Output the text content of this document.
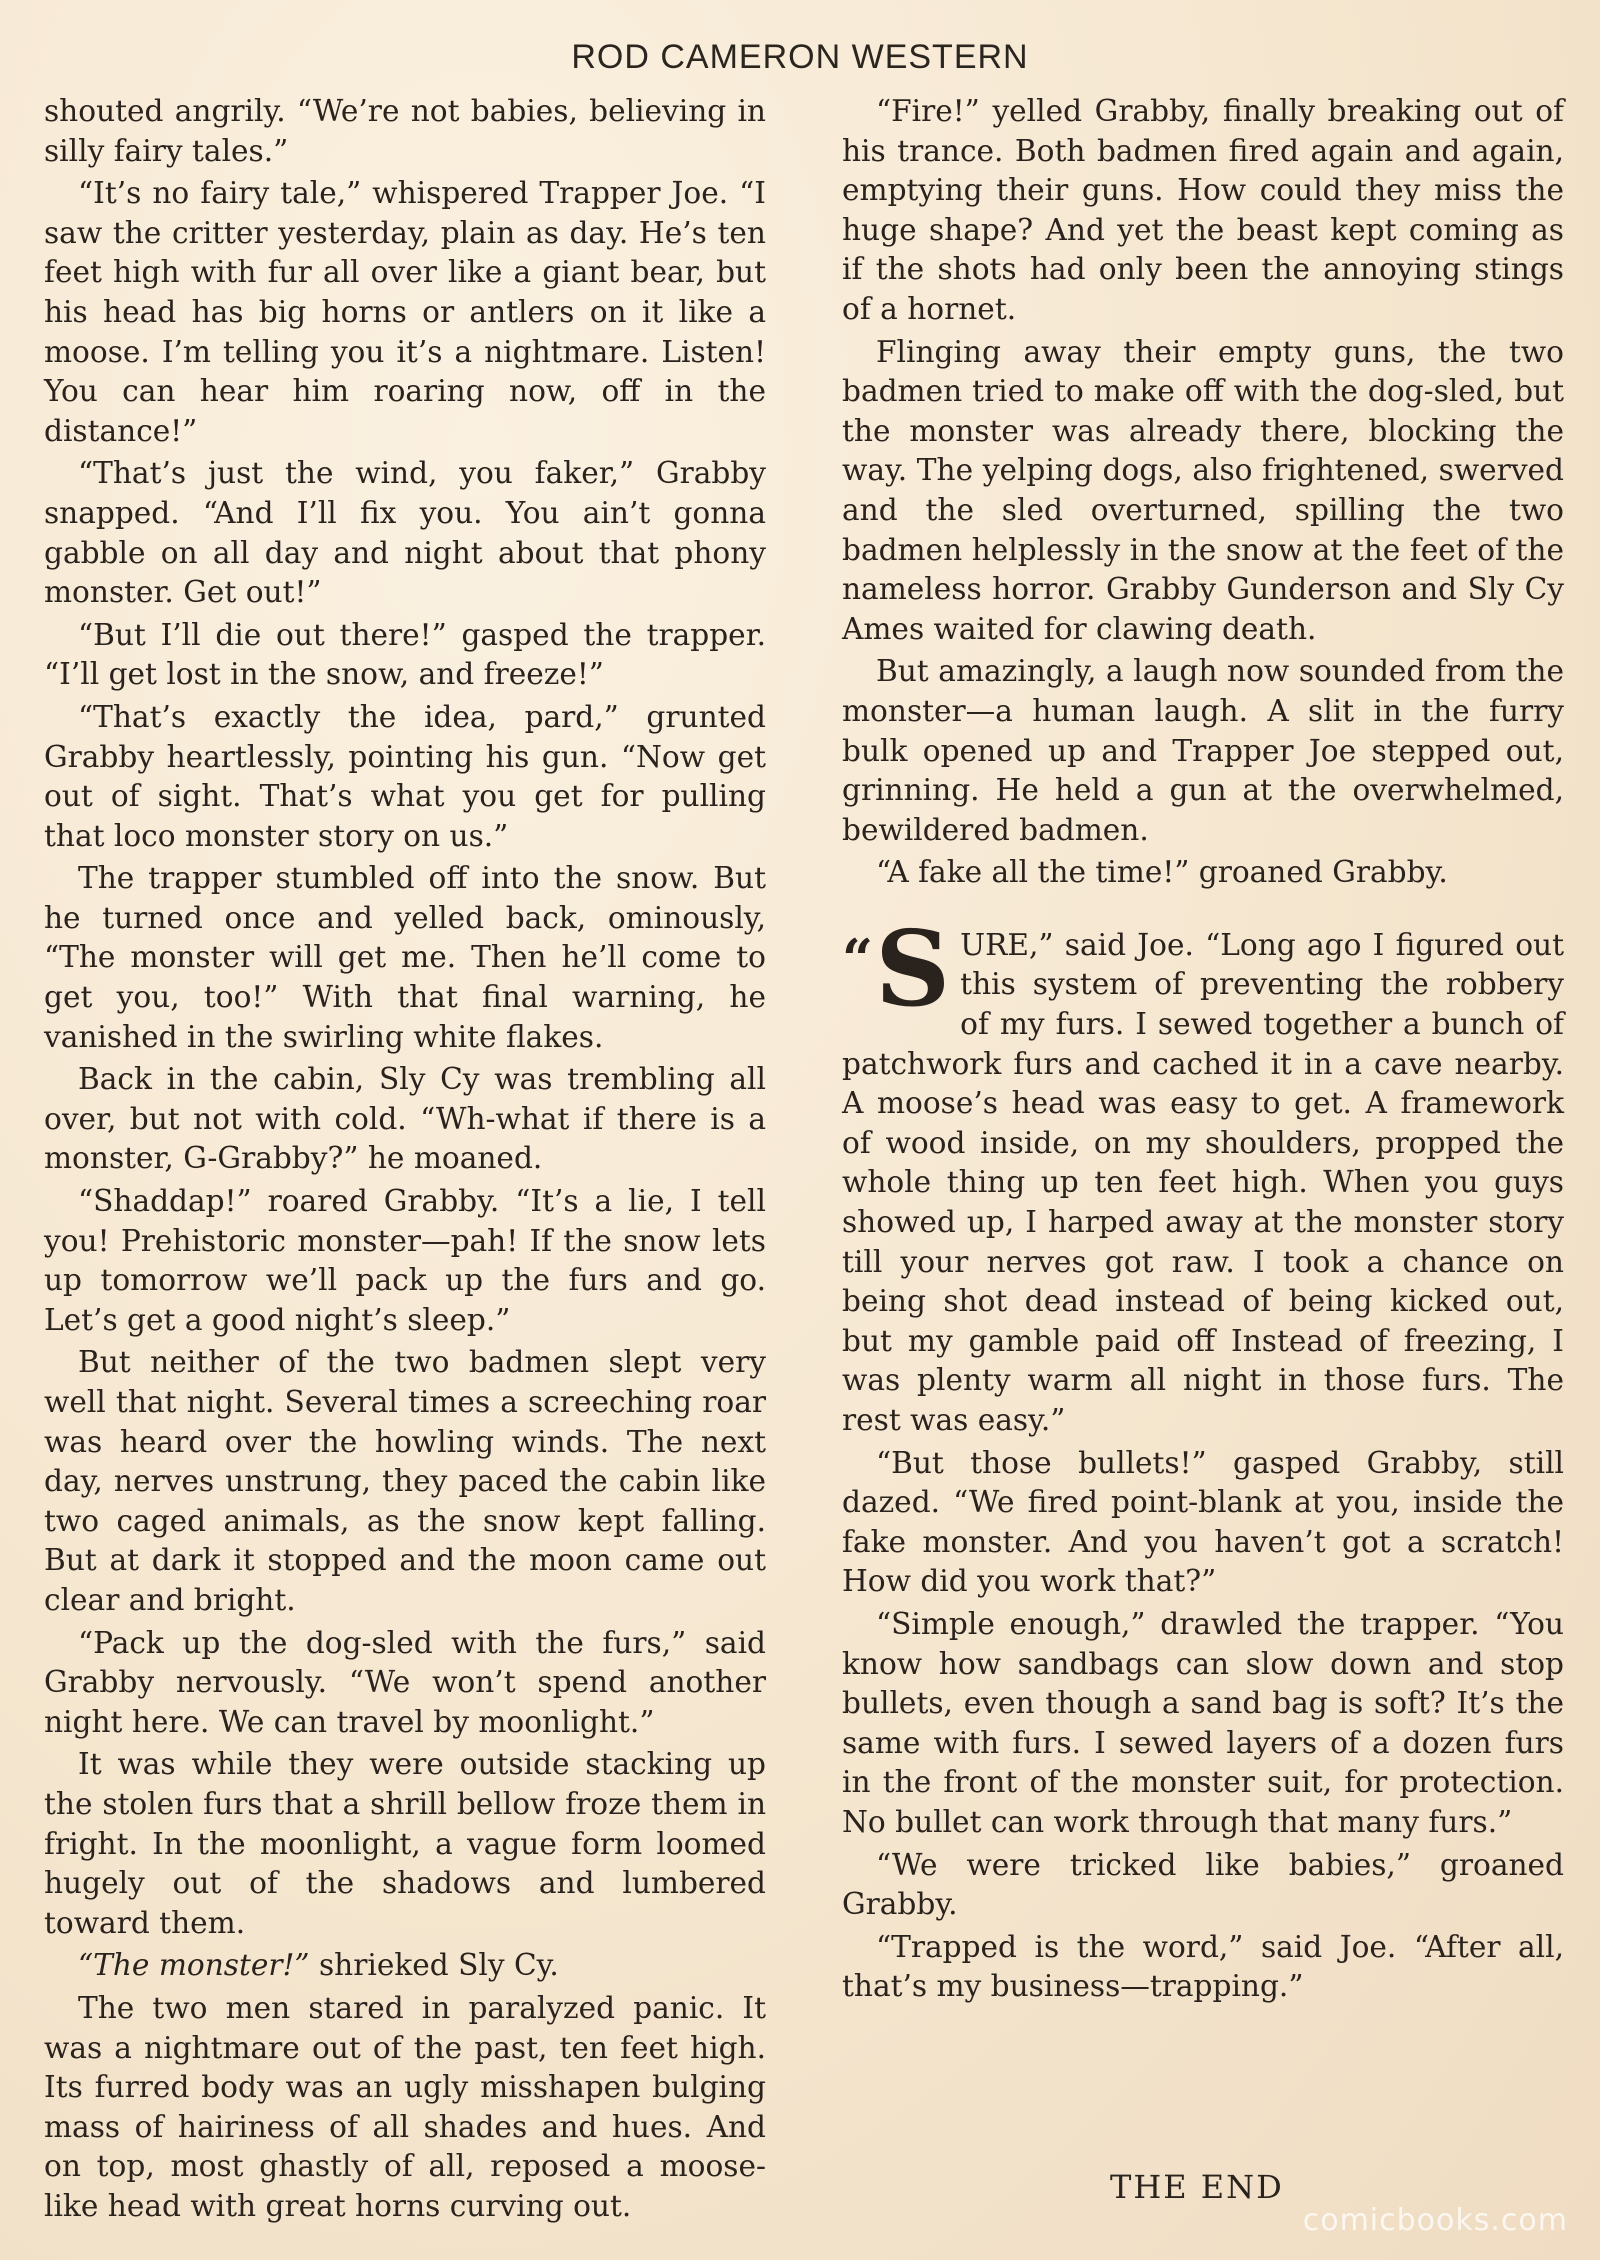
ROD CAMERON WESTERN

shouted angrily. “We’re not babies, believing in silly fairy tales.”

“It’s no fairy tale,” whispered Trapper Joe. “I saw the critter yesterday, plain as day. He’s ten feet high with fur all over like a giant bear, but his head has big horns or antlers on it like a moose. I’m telling you it’s a nightmare. Listen! You can hear him roaring now, off in the distance!”

“That’s just the wind, you faker,” Grabby snapped. “And I’ll fix you. You ain’t gonna gabble on all day and night about that phony monster. Get out!”

“But I’ll die out there!” gasped the trapper. “I’ll get lost in the snow, and freeze!”

“That’s exactly the idea, pard,” grunted Grabby heartlessly, pointing his gun. “Now get out of sight. That’s what you get for pulling that loco monster story on us.”

The trapper stumbled off into the snow. But he turned once and yelled back, ominously, “The monster will get me. Then he’ll come to get you, too!” With that final warning, he vanished in the swirling white flakes.

Back in the cabin, Sly Cy was trembling all over, but not with cold. “Wh-what if there is a monster, G-Grabby?” he moaned.

“Shaddap!” roared Grabby. “It’s a lie, I tell you! Prehistoric monster—pah! If the snow lets up tomorrow we’ll pack up the furs and go. Let’s get a good night’s sleep.”

But neither of the two badmen slept very well that night. Several times a screeching roar was heard over the howling winds. The next day, nerves unstrung, they paced the cabin like two caged animals, as the snow kept falling. But at dark it stopped and the moon came out clear and bright.

“Pack up the dog-sled with the furs,” said Grabby nervously. “We won’t spend another night here. We can travel by moonlight.”

It was while they were outside stacking up the stolen furs that a shrill bellow froze them in fright. In the moonlight, a vague form loomed hugely out of the shadows and lumbered toward them.

“The monster!” shrieked Sly Cy.

The two men stared in paralyzed panic. It was a nightmare out of the past, ten feet high. Its furred body was an ugly misshapen bulging mass of hairiness of all shades and hues. And on top, most ghastly of all, reposed a moose-like head with great horns curving out.

“Fire!” yelled Grabby, finally breaking out of his trance. Both badmen fired again and again, emptying their guns. How could they miss the huge shape? And yet the beast kept coming as if the shots had only been the annoying stings of a hornet.

Flinging away their empty guns, the two badmen tried to make off with the dog-sled, but the monster was already there, blocking the way. The yelping dogs, also frightened, swerved and the sled overturned, spilling the two badmen helplessly in the snow at the feet of the nameless horror. Grabby Gunderson and Sly Cy Ames waited for clawing death.

But amazingly, a laugh now sounded from the monster—a human laugh. A slit in the furry bulk opened up and Trapper Joe stepped out, grinning. He held a gun at the overwhelmed, bewildered badmen.

“A fake all the time!” groaned Grabby.

“ S URE,” said Joe. “Long ago I figured out this system of preventing the robbery of my furs. I sewed together a bunch of patchwork furs and cached it in a cave nearby. A moose’s head was easy to get. A framework of wood inside, on my shoulders, propped the whole thing up ten feet high. When you guys showed up, I harped away at the monster story till your nerves got raw. I took a chance on being shot dead instead of being kicked out, but my gamble paid off Instead of freezing, I was plenty warm all night in those furs. The rest was easy.”

“But those bullets!” gasped Grabby, still dazed. “We fired point-blank at you, inside the fake monster. And you haven’t got a scratch! How did you work that?”

“Simple enough,” drawled the trapper. “You know how sandbags can slow down and stop bullets, even though a sand bag is soft? It’s the same with furs. I sewed layers of a dozen furs in the front of the monster suit, for protection. No bullet can work through that many furs.”

“We were tricked like babies,” groaned Grabby.

“Trapped is the word,” said Joe. “After all, that’s my business—trapping.”

THE END
comicbooks.com
